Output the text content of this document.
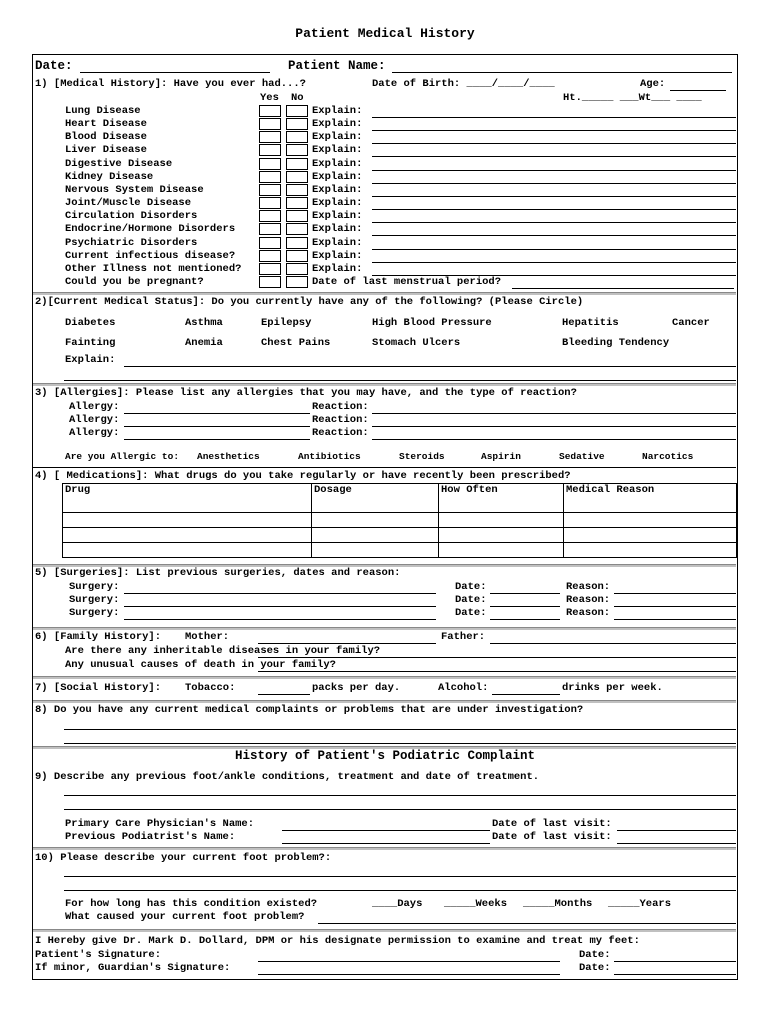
Patient Medical History
Date:	Patient Name:
1) [Medical History]: Have you ever had...?	Date of Birth: ____/____/____	Age:
Yes No	Ht._____ ___Wt___ ____
Lung Disease	Explain:
Heart Disease	Explain:
Blood Disease	Explain:
Liver Disease	Explain:
Digestive Disease	Explain:
Kidney Disease	Explain:
Nervous System Disease	Explain:
Joint/Muscle Disease	Explain:
Circulation Disorders	Explain:
Endocrine/Hormone Disorders	Explain:
Psychiatric Disorders	Explain:
Current infectious disease?	Explain:
Other Illness not mentioned?	Explain:
Could you be pregnant?	Date of last menstrual period?
2)[Current Medical Status]: Do you currently have any of the following? (Please Circle)
Diabetes	Asthma	Epilepsy	High Blood Pressure	Hepatitis	Cancer
Fainting	Anemia	Chest Pains	Stomach Ulcers	Bleeding Tendency
Explain:
3) [Allergies]: Please list any allergies that you may have, and the type of reaction?
Allergy:	Reaction:
Allergy:	Reaction:
Allergy:	Reaction:
Are you Allergic to: Anesthetics	Antibiotics	Steroids	Aspirin	Sedative	Narcotics
4) [ Medications]: What drugs do you take regularly or have recently been prescribed?
Drug	Dosage	How Often	Medical Reason

5) [Surgeries]: List previous surgeries, dates and reason:
Surgery:	Date:	Reason:
Surgery:	Date:	Reason:
Surgery:	Date:	Reason:
6) [Family History]: Mother:	Father:
Are there any inheritable diseases in your family?
Any unusual causes of death in your family?
7) [Social History]: Tobacco:	packs per day.	Alcohol:	drinks per week.
8) Do you have any current medical complaints or problems that are under investigation?
History of Patient's Podiatric Complaint
9) Describe any previous foot/ankle conditions, treatment and date of treatment.
Primary Care Physician's Name:	Date of last visit:
Previous Podiatrist's Name:	Date of last visit:
10) Please describe your current foot problem?:
For how long has this condition existed?	____Days _____Weeks _____Months _____Years
What caused your current foot problem?
I Hereby give Dr. Mark D. Dollard, DPM or his designate permission to examine and treat my feet:
Patient's Signature:	Date:
If minor, Guardian's Signature:	Date:
